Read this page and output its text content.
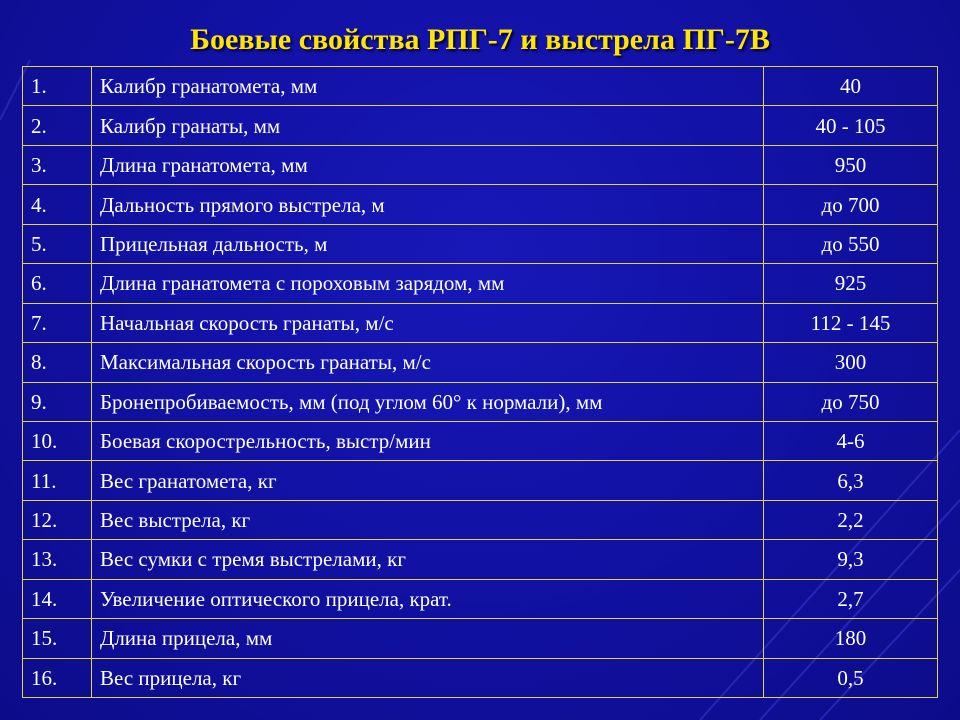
Боевые свойства РПГ-7 и выстрела ПГ-7В
1.	Калибр гранатомета, мм	40
2.	Калибр гранаты, мм	40 - 105
3.	Длина гранатомета, мм	950
4.	Дальность прямого выстрела, м	до 700
5.	Прицельная дальность, м	до 550
6.	Длина гранатомета с пороховым зарядом, мм	925
7.	Начальная скорость гранаты, м/с	112 - 145
8.	Максимальная скорость гранаты, м/с	300
9.	Бронепробиваемость, мм (под углом 60° к нормали), мм	до 750
10.	Боевая скорострельность, выстр/мин	4-6
11.	Вес гранатомета, кг	6,3
12.	Вес выстрела, кг	2,2
13.	Вес сумки с тремя выстрелами, кг	9,3
14.	Увеличение оптического прицела, крат.	2,7
15.	Длина прицела, мм	180
16.	Вес прицела, кг	0,5
